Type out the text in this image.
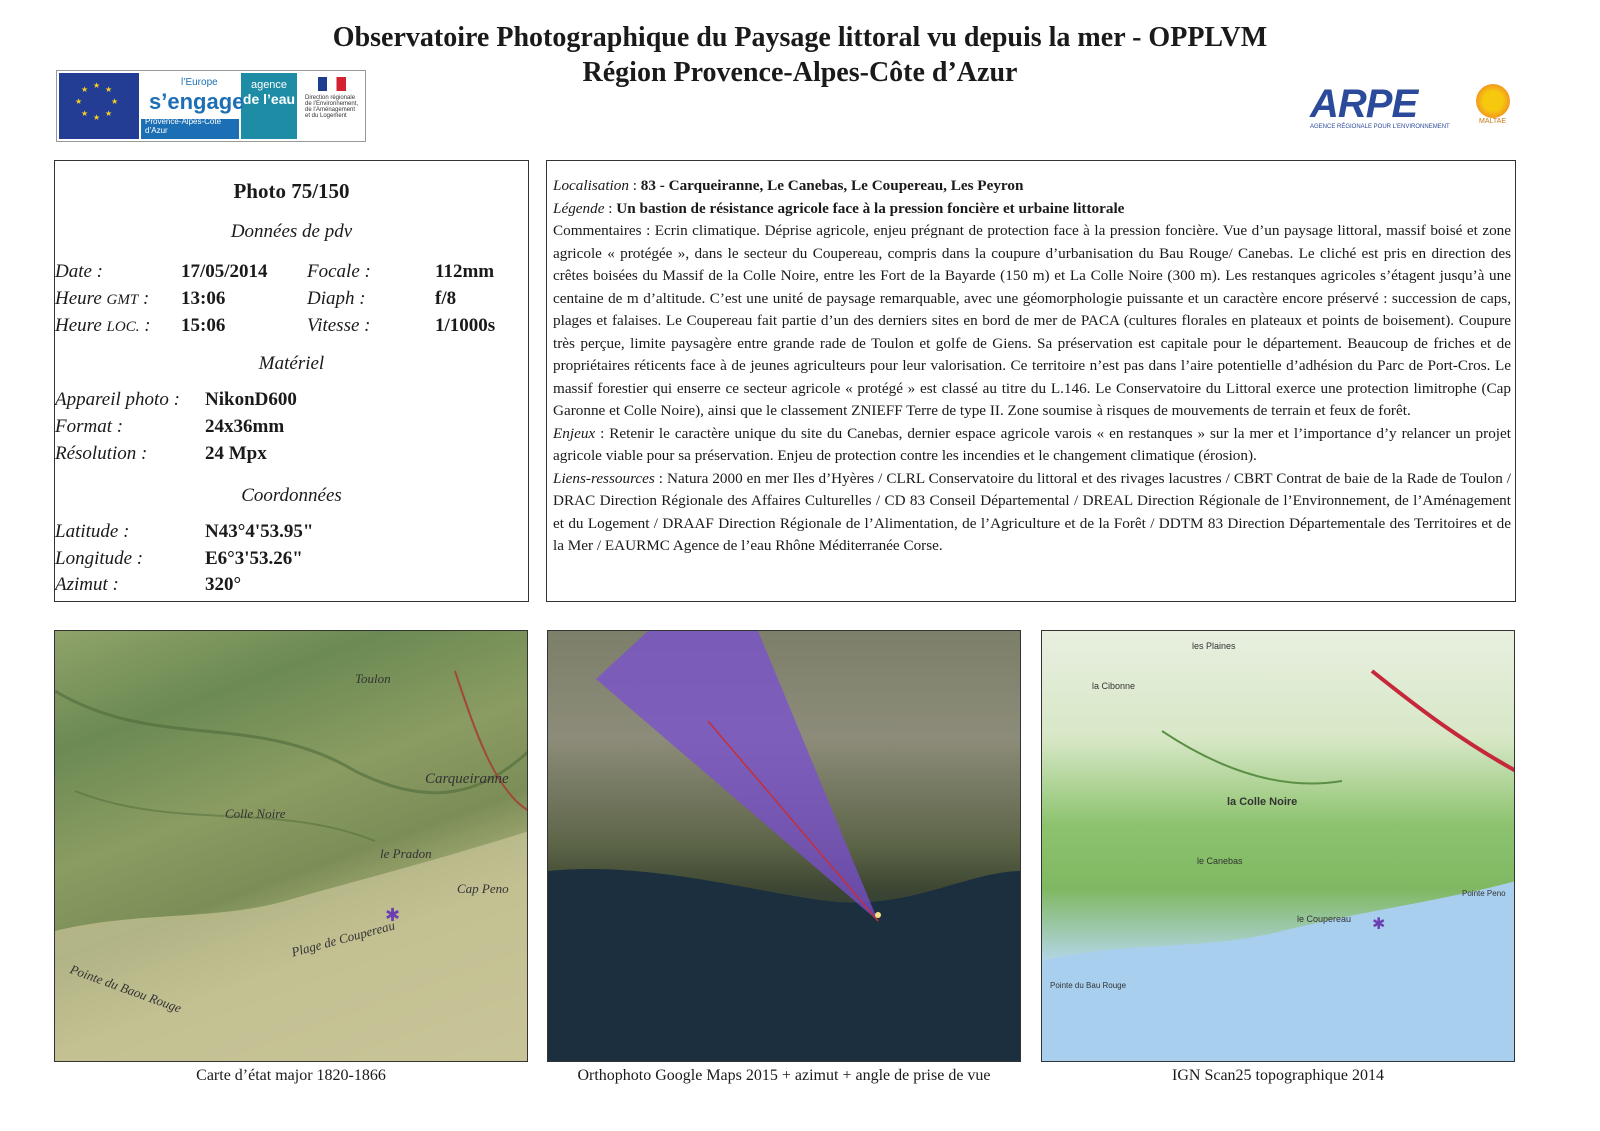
Observatoire Photographique du Paysage littoral vu depuis la mer - OPPLVM
Région Provence-Alpes-Côte d’Azur
★ ★
★
★
★
★
★
★
l’Europe
s’engage
Provence-Alpes-Côte d’Azur
agence
de l’eau	Direction régionale de l’Environnement, de l’Aménagement et du Logement	ARPE
AGENCE RÉGIONALE POUR L’ENVIRONNEMENT
MALTAE
Photo 75/150
Données de pdv
Date :	17/05/2014 Focale :	112mm
Heure GMT : 13:06	Diaph :	f/8
Heure LOC. : 15:06	Vitesse :	1/1000s
Matériel
Appareil photo : NikonD600
Format :	24x36mm
Résolution :	24 Mpx
Coordonnées
Latitude :	N43°4'53.95"
Longitude :	E6°3'53.26"
Azimut :	320°

Localisation : 83 - Carqueiranne, Le Canebas, Le Coupereau, Les Peyron

Légende : Un bastion de résistance agricole face à la pression foncière et urbaine littorale

Commentaires : Ecrin climatique. Déprise agricole, enjeu prégnant de protection face à la pression foncière. Vue d’un paysage littoral, massif boisé et zone agricole « protégée », dans le secteur du Coupereau, compris dans la coupure d’urbanisation du Bau Rouge/ Canebas. Le cliché est pris en direction des crêtes boisées du Massif de la Colle Noire, entre les Fort de la Bayarde (150 m) et La Colle Noire (300 m). Les restanques agricoles s’étagent jusqu’à une centaine de m d’altitude. C’est une unité de paysage remarquable, avec une géomorphologie puissante et un caractère encore préservé : succession de caps, plages et falaises. Le Coupereau fait partie d’un des derniers sites en bord de mer de PACA (cultures florales en plateaux et points de boisement). Coupure très perçue, limite paysagère entre grande rade de Toulon et golfe de Giens. Sa préservation est capitale pour le département. Beaucoup de friches et de propriétaires réticents face à de jeunes agriculteurs pour leur valorisation. Ce territoire n’est pas dans l’aire potentielle d’adhésion du Parc de Port-Cros. Le massif forestier qui enserre ce secteur agricole « protégé » est classé au titre du L.146. Le Conservatoire du Littoral exerce une protection limitrophe (Cap Garonne et Colle Noire), ainsi que le classement ZNIEFF Terre de type II. Zone soumise à risques de mouvements de terrain et feux de forêt.

Enjeux : Retenir le caractère unique du site du Canebas, dernier espace agricole varois « en restanques » sur la mer et l’importance d’y relancer un projet agricole viable pour sa préservation. Enjeu de protection contre les incendies et le changement climatique (érosion).

Liens-ressources : Natura 2000 en mer Iles d’Hyères / CLRL Conservatoire du littoral et des rivages lacustres / CBRT Contrat de baie de la Rade de Toulon / DRAC Direction Régionale des Affaires Culturelles / CD 83 Conseil Départemental / DREAL Direction Régionale de l’Environnement, de l’Aménagement et du Logement / DRAAF Direction Régionale de l’Alimentation, de l’Agriculture et de la Forêt / DDTM 83 Direction Départementale des Territoires et de la Mer / EAURMC Agence de l’eau Rhône Méditerranée Corse.

✱
Carqueiranne
Colle Noire
le Pradon
Cap Peno
Plage de Coupereau
Pointe du Baou Rouge
Toulon
✱
la Colle Noire
le Canebas
le Coupereau
Pointe du Bau Rouge
Pointe Peno
les Plaines
la Cibonne
Carte d’état major 1820-1866	Orthophoto Google Maps 2015 + azimut + angle de prise de vue	IGN Scan25 topographique 2014
